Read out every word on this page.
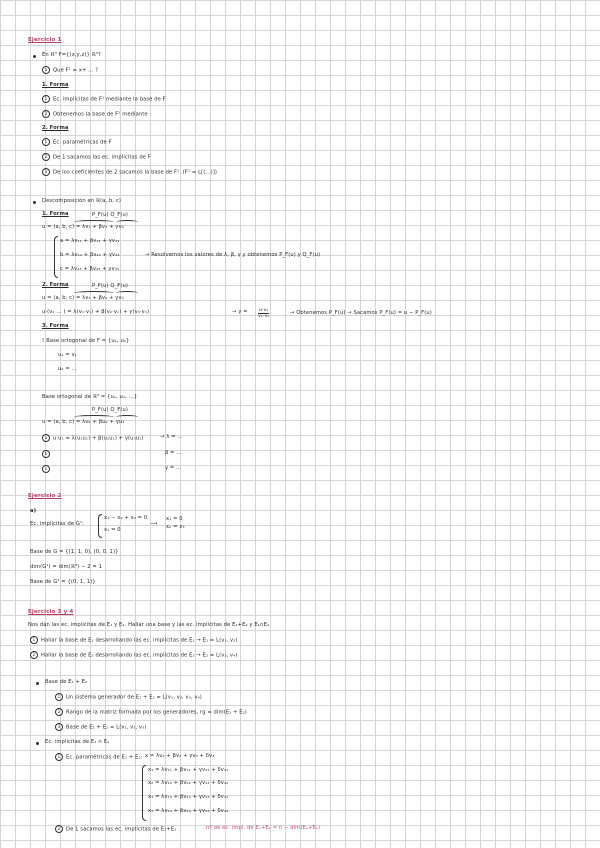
Ejercicio 1
En ℝ³ F={(x,y,z)} ℝ³?
a Que F¹ = x+ ... ?
1. Forma
1 Ec. implícitas de F¹ mediante la base de F
2 Obtenemos la base de F¹ mediante
2. Forma
1 Ec. paramétricas de F
2 De 1 sacamos las ec. implícitas de F
3 De los coeficientes de 2 sacamos la base de F¹. (F¹ = L[(...)])
Descomposición en ℝ(a, b, c)
1. Forma	P_F(u) Q_F(u)
u = (a, b, c) = λv₁ + βv₂ + γv₃
a = λv₁₁ + βv₂₁ + γv₃₁
b = λv₁₂ + βv₂₂ + γv₃₂
c = λv₁₃ + βv₂₃ + γv₃₃
→ Resolvemos los valores de λ, β, γ y obtenemos P_F(u) y Q_F(u)
2. Forma	P_F(u) Q_F(u)
u = (a, b, c) = λv₁ + βv₂ + γv₃
u·(v₁ ... ) = λ(v₁·v₁) + β(v₂·v₁) + γ(v₃·v₁)	→ $\gamma = \frac{\text{u·v₁}}{\text{v₁·v₁}}$	→ Obtenemos P_F(u) → Sacamos P_F(u) = u − P_F(u)
3. Forma
! Base ortogonal de F = {u₁, u₂}
u₁ = v₁
u₂ = ...
Base ortogonal de ℝ³ = {u₁, u₂, ...}
P_F(u) Q_F(u)
u = (a, b, c) = λu₁ + βu₂ + γu₃
a u·u₁ = λ(u₁u₁) + β(u₂u₁) + γ(u₃u₁)	→ λ = ...
b	β = ...
c	γ = ...
Ejercicio 2
a)
Ec. implícitas de G¹:
x₁ − x₂ + x₃ = 0
x₁ = 0
⟶
x₁ = 0
x₂ = x₃
Base de G = {(1, 1, 0), (0, 0, 1)}
dim(G¹) = dim(ℝ³) − 2 = 1
Base de G¹ = {(0, 1, 1)}
Ejercicio 3 y 4
Nos dan las ec. implícitas de E₁ y E₂. Hallar una base y las ec. implícitas de E₁+E₂ y E₁∩E₂
1 Hallar la base de E₁ desarrollando las ec. implícitas de E₁ → E₁ = L(v₁, v₂)
2 Hallar la base de E₂ desarrollando las ec. implícitas de E₂ → E₂ = L(v₃, v₄)
Base de E₁ + E₂
1 Un sistema generador de E₁ + E₂ = L(v₁, v₂, v₃, v₄)
2 Rango de la matriz formada por los generadores, rg = dim(E₁ + E₂)
3 Base de E₁ + E₂ = L(v₁, v₂, v₃)
Ec. implícitas de E₁ ∩ E₂
1 Ec. paramétricas de E₁ + E₂: x = λv₁ + βv₂ + γv₃ + δv₄
x₁ = λv₁₁ + βv₂₁ + γv₃₁ + δv₄₁
x₂ = λv₁₂ + βv₂₂ + γv₃₂ + δv₄₂
x₃ = λv₁₃ + βv₂₃ + γv₃₃ + δv₄₃
x₄ = λv₁₄ + βv₂₄ + γv₃₄ + δv₄₄
2 De 1 sacamos las ec. implícitas de E₁+E₂	nº de ec. impl. de E₁+E₂ = n − dim(E₁+E₂)
